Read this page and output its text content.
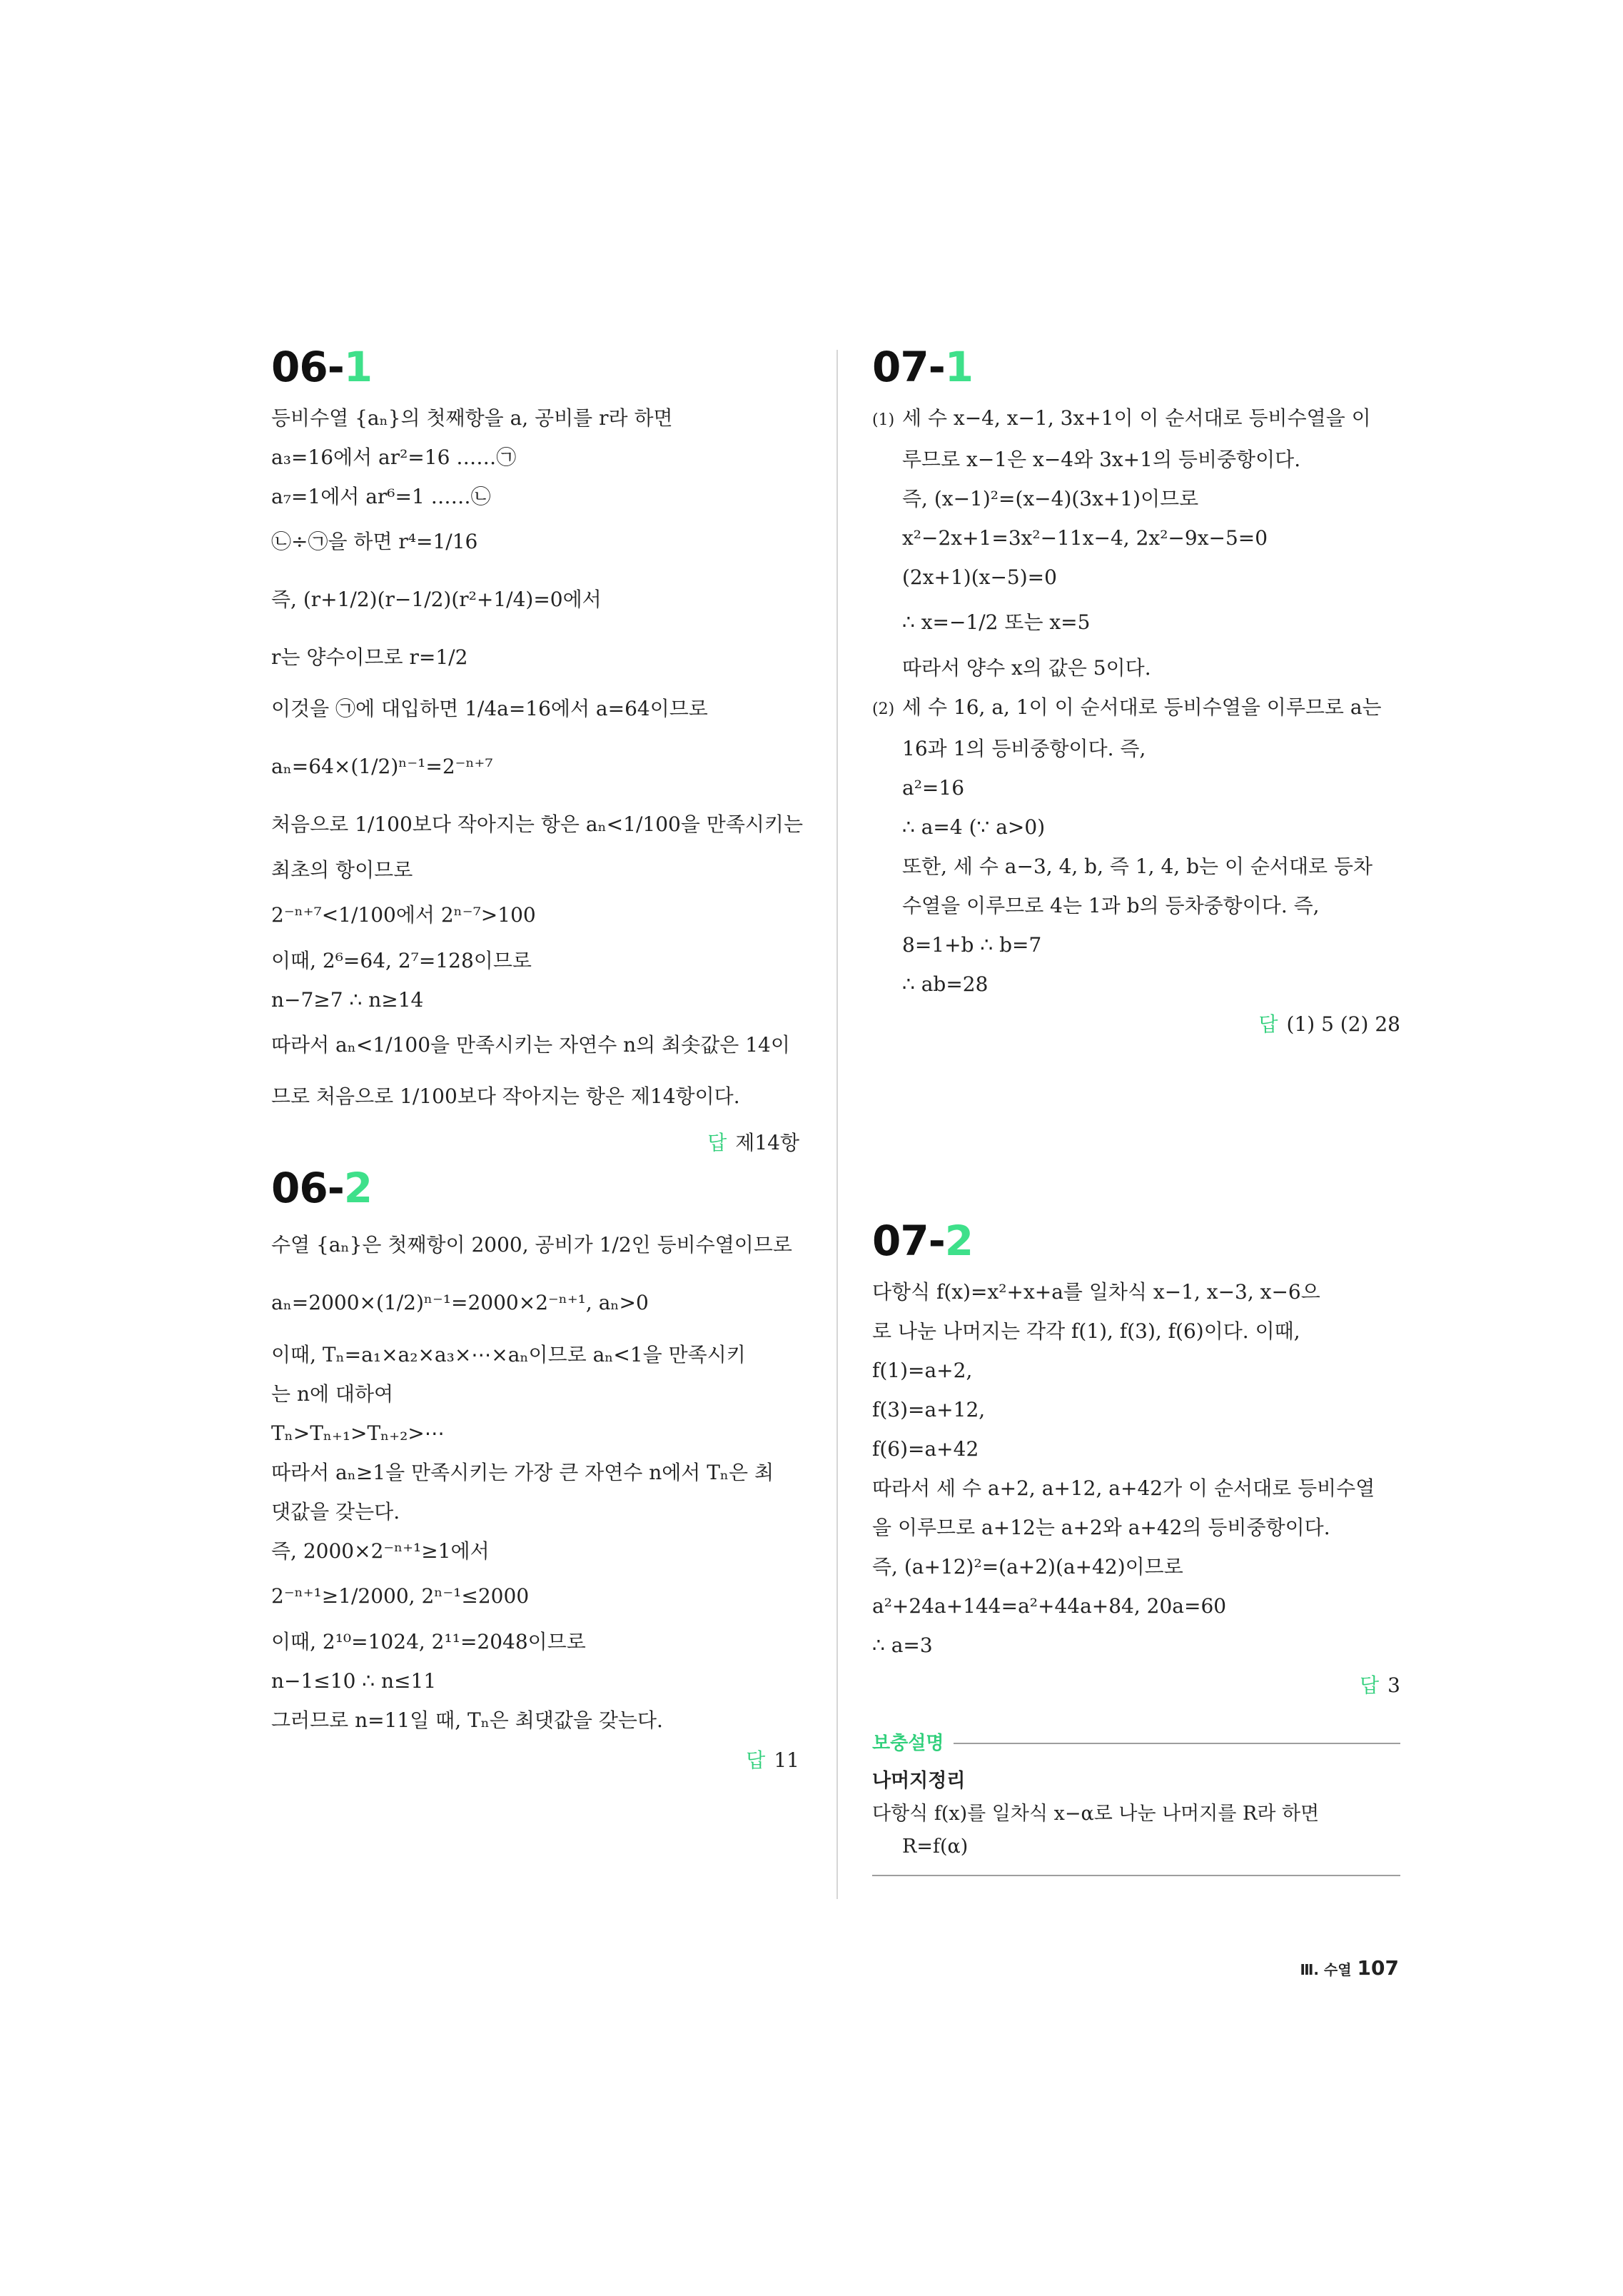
06-1
등비수열 {aₙ}의 첫째항을 a, 공비를 r라 하면
a₃=16에서 ar²=16 ……㉠
a₇=1에서 ar⁶=1 ……㉡
㉡÷㉠을 하면 r⁴=1/16
즉, (r+1/2)(r−1/2)(r²+1/4)=0에서
r는 양수이므로 r=1/2
이것을 ㉠에 대입하면 1/4a=16에서 a=64이므로
aₙ=64×(1/2)ⁿ⁻¹=2⁻ⁿ⁺⁷
처음으로 1/100보다 작아지는 항은 aₙ<1/100을 만족시키는
최초의 항이므로
2⁻ⁿ⁺⁷<1/100에서 2ⁿ⁻⁷>100
이때, 2⁶=64, 2⁷=128이므로
n−7≥7 ∴ n≥14
따라서 aₙ<1/100을 만족시키는 자연수 n의 최솟값은 14이
므로 처음으로 1/100보다 작아지는 항은 제14항이다.
답 제14항
06-2
수열 {aₙ}은 첫째항이 2000, 공비가 1/2인 등비수열이므로
aₙ=2000×(1/2)ⁿ⁻¹=2000×2⁻ⁿ⁺¹, aₙ>0
이때, Tₙ=a₁×a₂×a₃×⋯×aₙ이므로 aₙ<1을 만족시키
는 n에 대하여
Tₙ>Tₙ₊₁>Tₙ₊₂>⋯
따라서 aₙ≥1을 만족시키는 가장 큰 자연수 n에서 Tₙ은 최
댓값을 갖는다.
즉, 2000×2⁻ⁿ⁺¹≥1에서
2⁻ⁿ⁺¹≥1/2000, 2ⁿ⁻¹≤2000
이때, 2¹⁰=1024, 2¹¹=2048이므로
n−1≤10 ∴ n≤11
그러므로 n=11일 때, Tₙ은 최댓값을 갖는다.
답 11
07-1
(1) 세 수 x−4, x−1, 3x+1이 이 순서대로 등비수열을 이
루므로 x−1은 x−4와 3x+1의 등비중항이다.
즉, (x−1)²=(x−4)(3x+1)이므로
x²−2x+1=3x²−11x−4, 2x²−9x−5=0
(2x+1)(x−5)=0
∴ x=−1/2 또는 x=5
따라서 양수 x의 값은 5이다.
(2) 세 수 16, a, 1이 이 순서대로 등비수열을 이루므로 a는
16과 1의 등비중항이다. 즉,
a²=16
∴ a=4 (∵ a>0)
또한, 세 수 a−3, 4, b, 즉 1, 4, b는 이 순서대로 등차
수열을 이루므로 4는 1과 b의 등차중항이다. 즉,
8=1+b ∴ b=7
∴ ab=28
답 (1) 5 (2) 28
07-2
다항식 f(x)=x²+x+a를 일차식 x−1, x−3, x−6으
로 나눈 나머지는 각각 f(1), f(3), f(6)이다. 이때,
f(1)=a+2,
f(3)=a+12,
f(6)=a+42
따라서 세 수 a+2, a+12, a+42가 이 순서대로 등비수열
을 이루므로 a+12는 a+2와 a+42의 등비중항이다.
즉, (a+12)²=(a+2)(a+42)이므로
a²+24a+144=a²+44a+84, 20a=60
∴ a=3
답 3
보충설명
나머지정리
다항식 f(x)를 일차식 x−α로 나눈 나머지를 R라 하면
R=f(α)
Ⅲ. 수열 107
